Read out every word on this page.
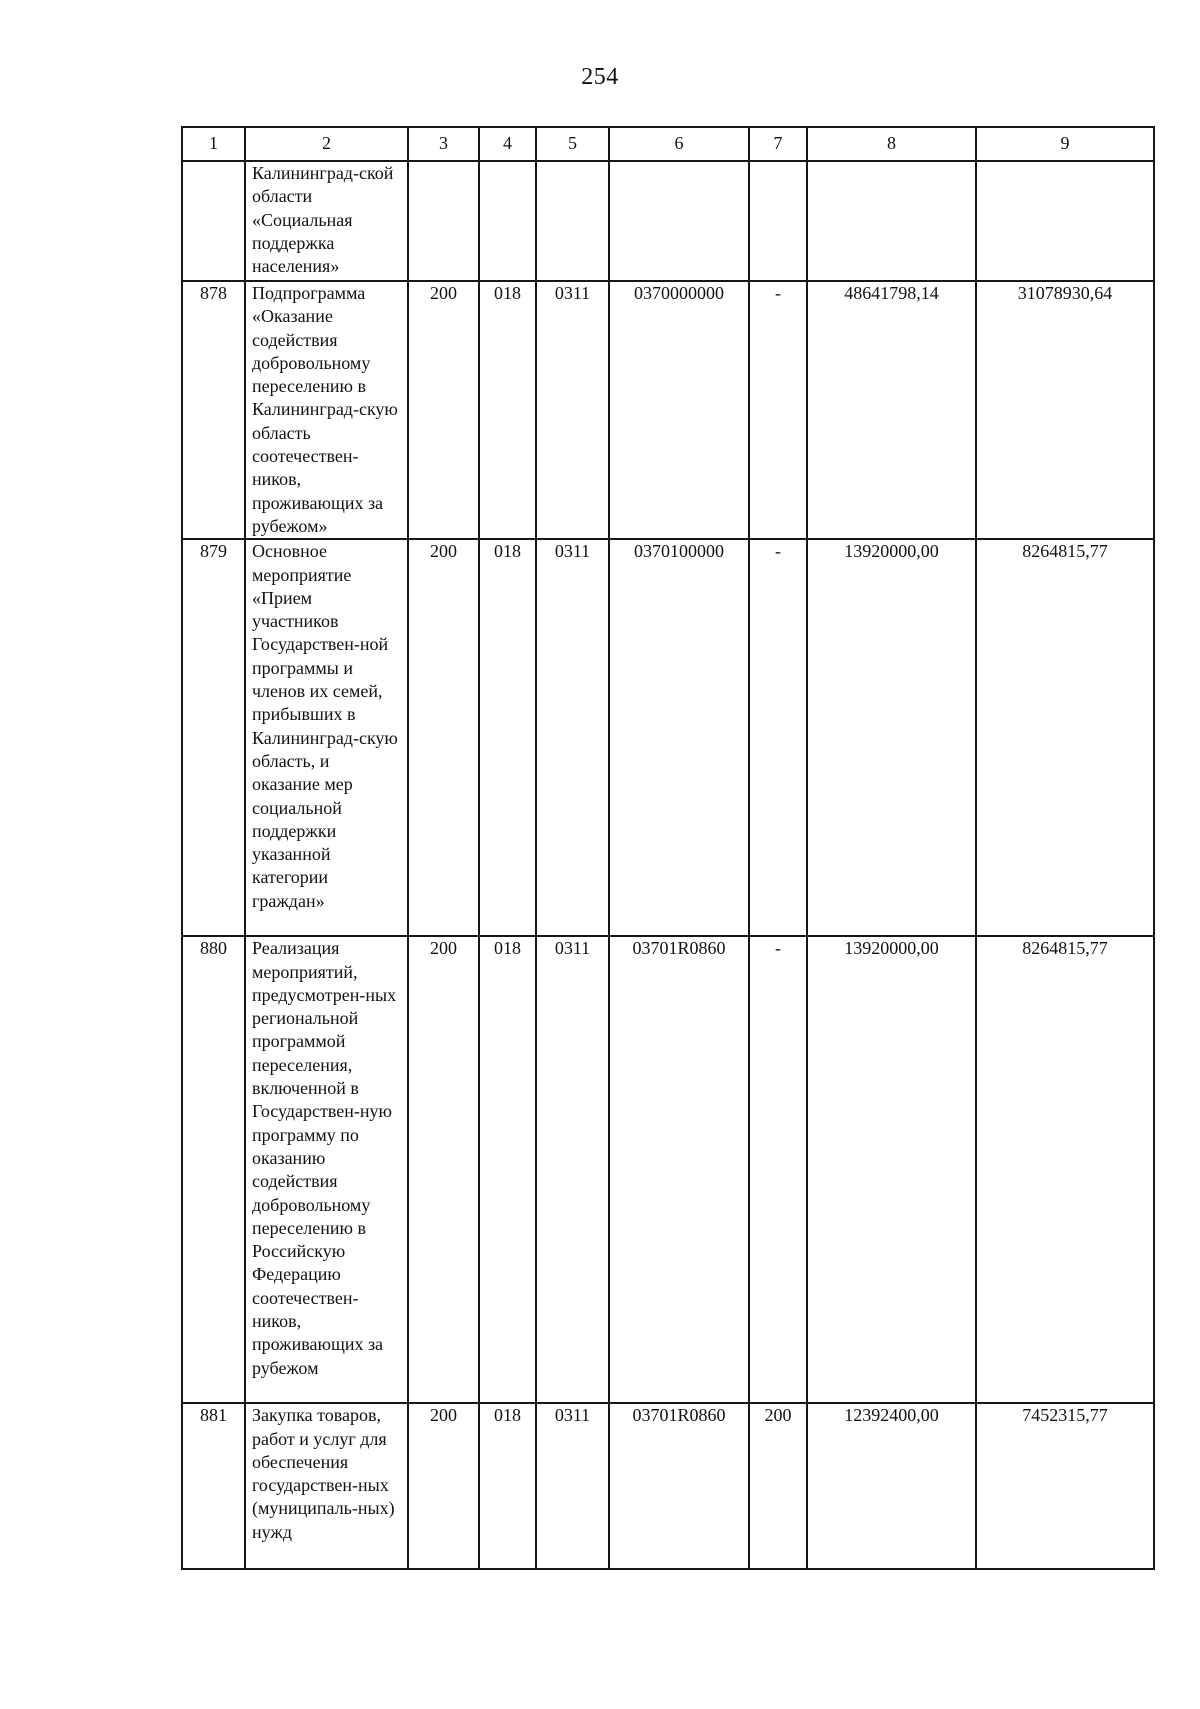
254
1	2	3	4	5	6	7	8	9
	Калининград-ской области «Социальная поддержка населения»							
878	Подпрограмма «Оказание содействия добровольному переселению в Калининград-скую область соотечествен-ников, проживающих за рубежом»	200	018	0311	0370000000	-	48641798,14	31078930,64
879	Основное мероприятие «Прием участников Государствен-ной программы и членов их семей, прибывших в Калининград-скую область, и оказание мер социальной поддержки указанной категории граждан»	200	018	0311	0370100000	-	13920000,00	8264815,77
880	Реализация мероприятий, предусмотрен-ных региональной программой переселения, включенной в Государствен-ную программу по оказанию содействия добровольному переселению в Российскую Федерацию соотечествен-ников, проживающих за рубежом	200	018	0311	03701R0860	-	13920000,00	8264815,77
881	Закупка товаров, работ и услуг для обеспечения государствен-ных (муниципаль-ных) нужд	200	018	0311	03701R0860	200	12392400,00	7452315,77
